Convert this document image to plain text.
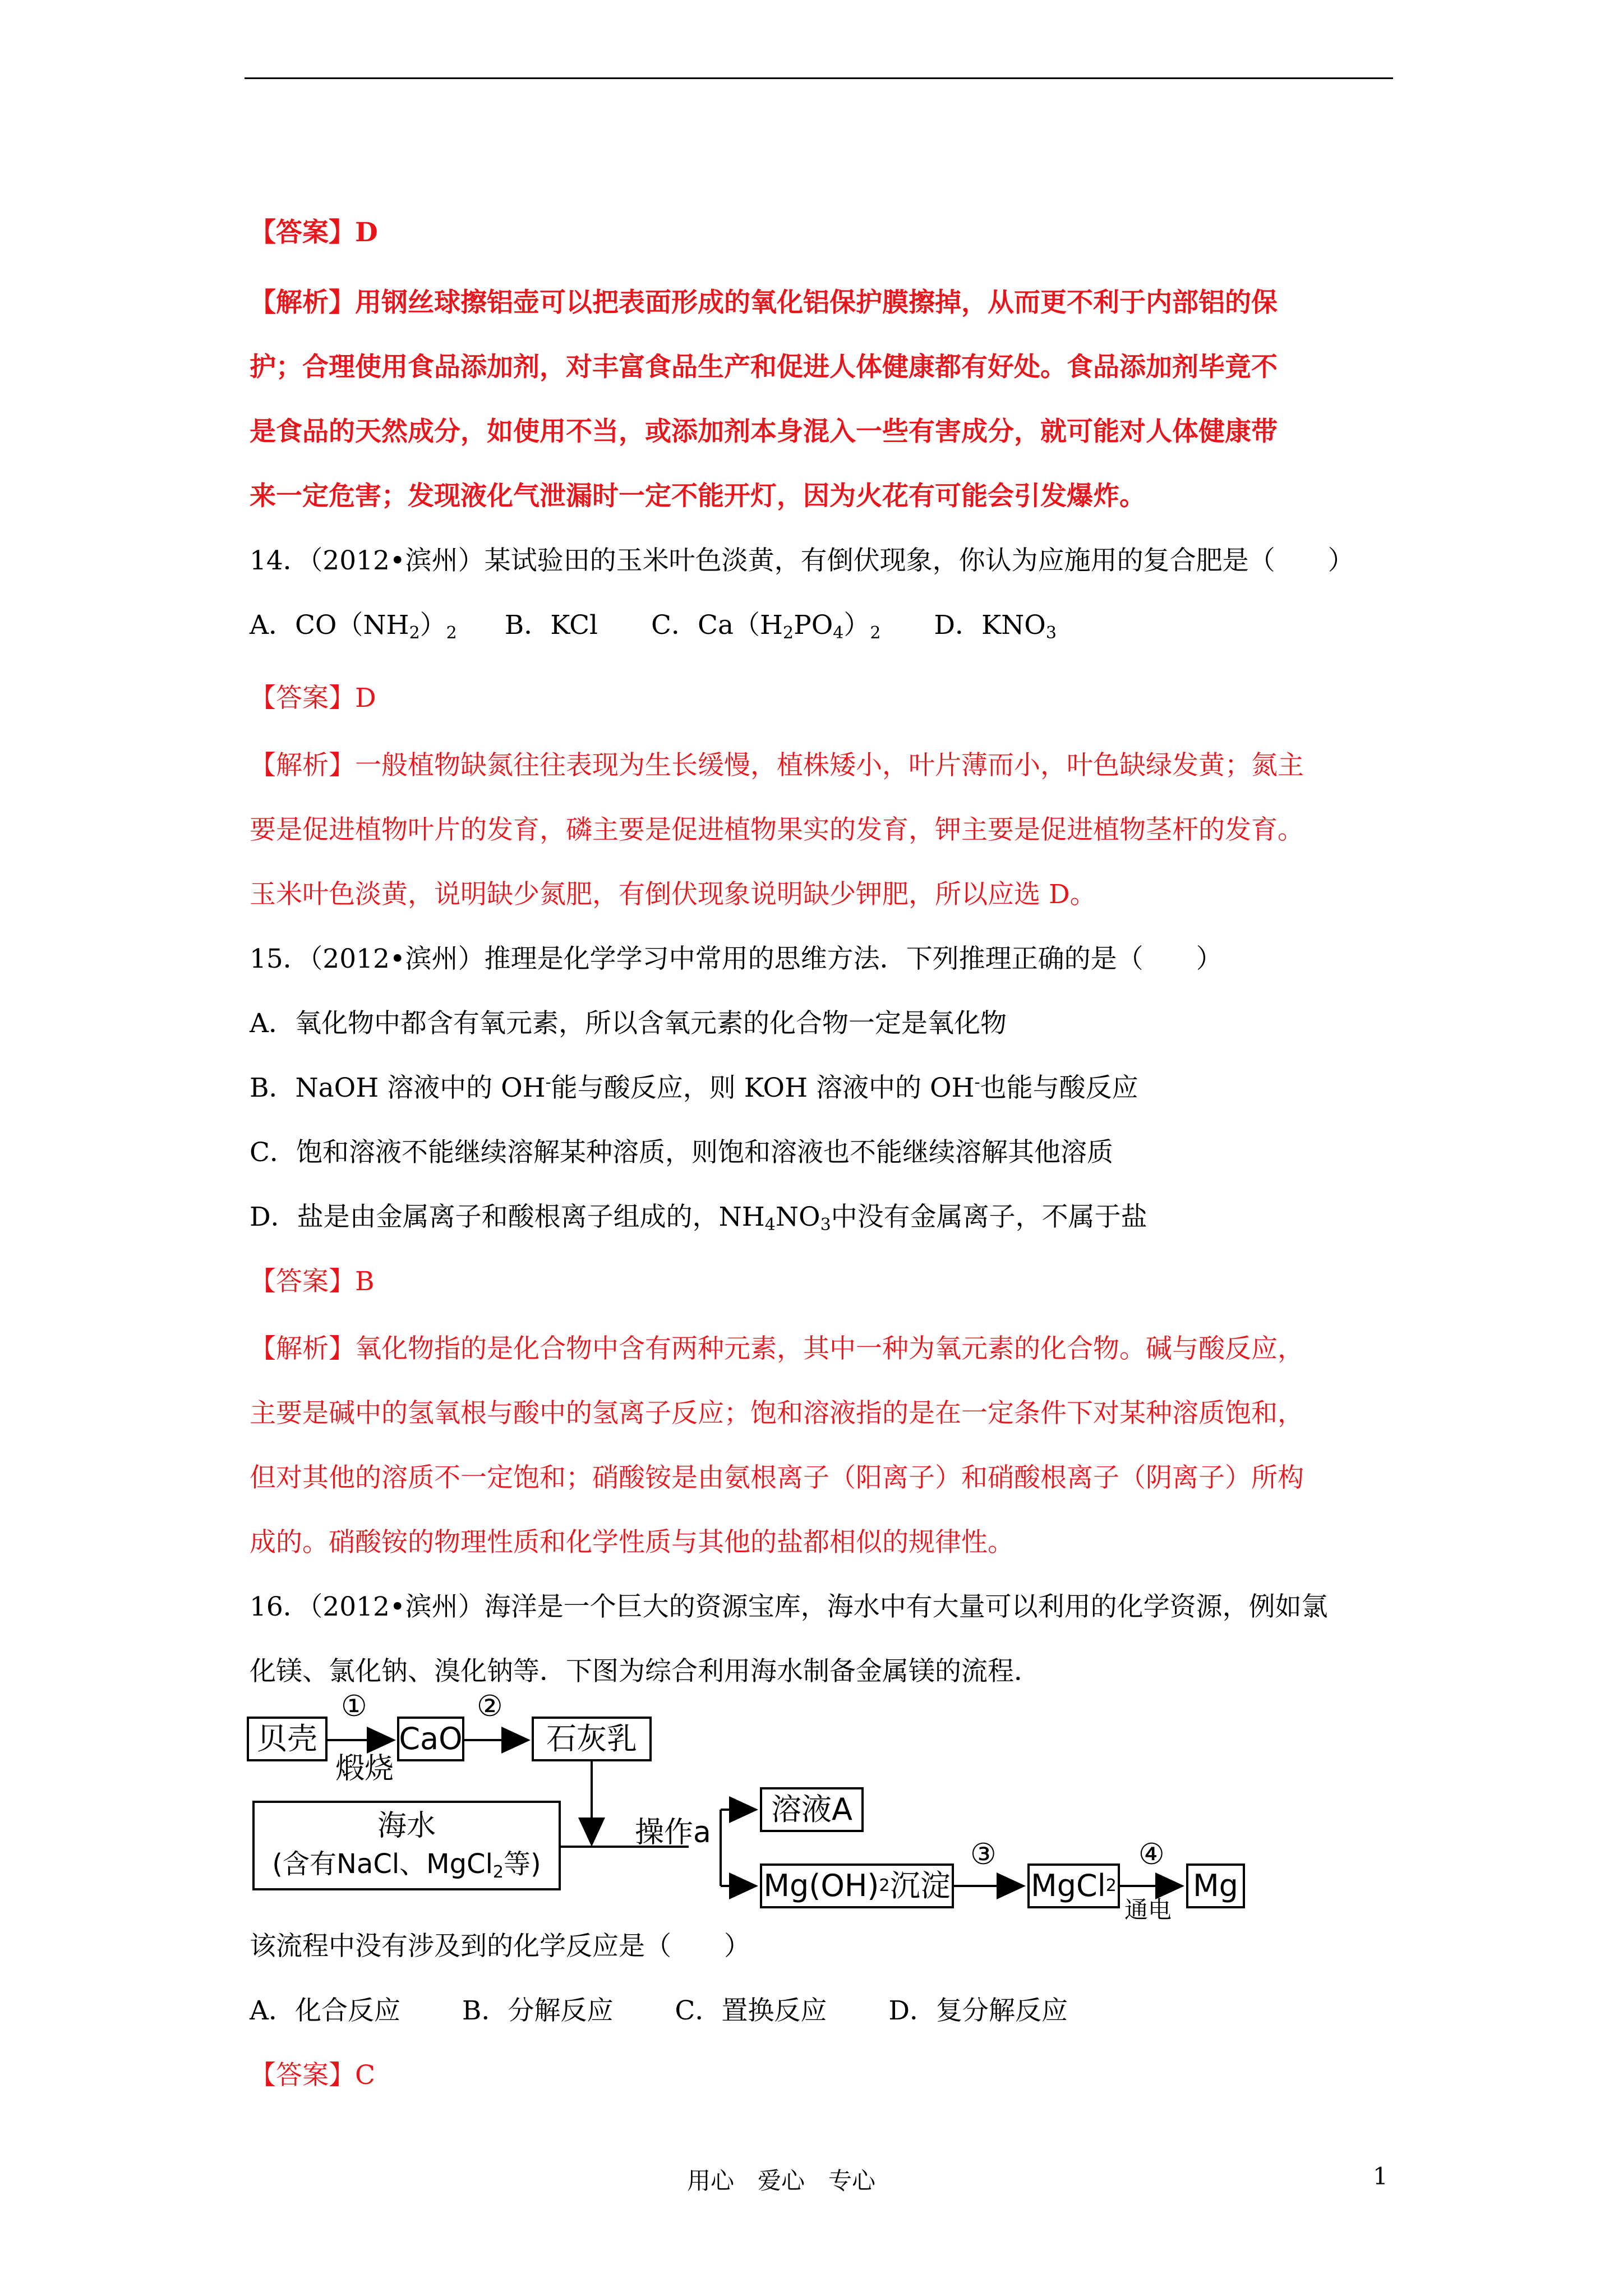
【答案】D
【解析】用钢丝球擦铝壶可以把表面形成的氧化铝保护膜擦掉，从而更不利于内部铝的保
护；合理使用食品添加剂，对丰富食品生产和促进人体健康都有好处。食品添加剂毕竟不
是食品的天然成分，如使用不当，或添加剂本身混入一些有害成分，就可能对人体健康带
来一定危害；发现液化气泄漏时一定不能开灯，因为火花有可能会引发爆炸。
14．（2012•滨州）某试验田的玉米叶色淡黄，有倒伏现象，你认为应施用的复合肥是（　　）
A．$CO(NH_2)_2$ B．KCl C．$Ca(H_2PO_4)_2$ D．$KNO_3$
【答案】D
【解析】一般植物缺氮往往表现为生长缓慢，植株矮小，叶片薄而小，叶色缺绿发黄；氮主
要是促进植物叶片的发育，磷主要是促进植物果实的发育，钾主要是促进植物茎杆的发育。
玉米叶色淡黄，说明缺少氮肥，有倒伏现象说明缺少钾肥，所以应选 D。
15．（2012•滨州）推理是化学学习中常用的思维方法．下列推理正确的是（　　）
A．氧化物中都含有氧元素，所以含氧元素的化合物一定是氧化物
B．NaOH 溶液中的 OH-能与酸反应，则 KOH 溶液中的 OH-也能与酸反应
C．饱和溶液不能继续溶解某种溶质，则饱和溶液也不能继续溶解其他溶质
D．盐是由金属离子和酸根离子组成的，$NH_4NO_3$中没有金属离子，不属于盐
【答案】B
【解析】氧化物指的是化合物中含有两种元素，其中一种为氧元素的化合物。碱与酸反应，
主要是碱中的氢氧根与酸中的氢离子反应；饱和溶液指的是在一定条件下对某种溶质饱和，
但对其他的溶质不一定饱和；硝酸铵是由氨根离子（阳离子）和硝酸根离子（阴离子）所构
成的。硝酸铵的物理性质和化学性质与其他的盐都相似的规律性。
16．（2012•滨州）海洋是一个巨大的资源宝库，海水中有大量可以利用的化学资源，例如氯
化镁、氯化钠、溴化钠等．下图为综合利用海水制备金属镁的流程．
贝壳
①
煅烧
CaO
②
石灰乳
海水
(含有NaCl、MgCl$_2$等)
操作a
溶液A
Mg(OH) 2 沉淀
③
MgCl 2
④
通电
Mg
该流程中没有涉及到的化学反应是（　　）
A．化合反应 B．分解反应 C．置换反应 D．复分解反应
【答案】C
用心　爱心　专心	1
